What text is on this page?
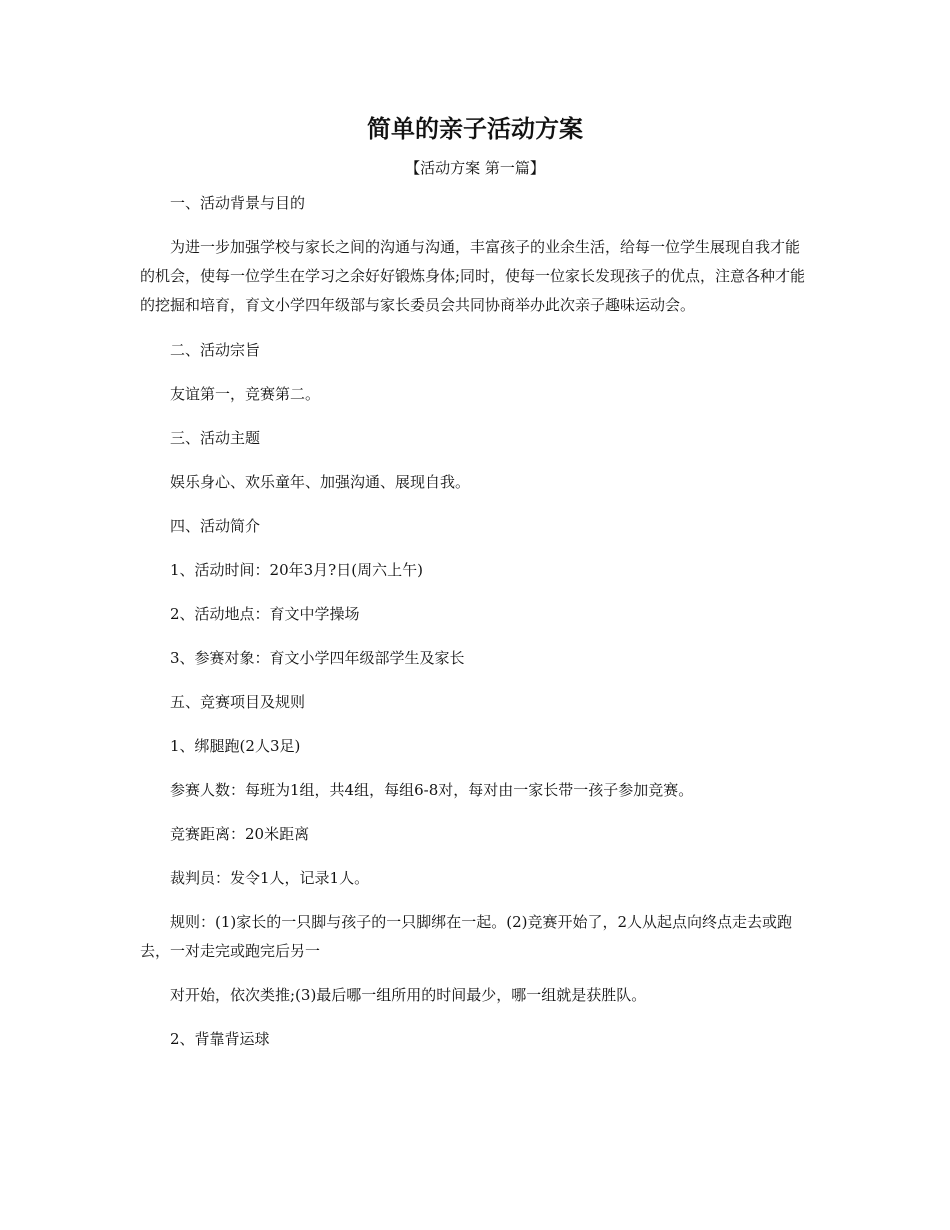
简单的亲子活动方案
【活动方案 第一篇】

一、活动背景与目的

为进一步加强学校与家长之间的沟通与沟通，丰富孩子的业余生活，给每一位学生展现自我才能的机会，使每一位学生在学习之余好好锻炼身体;同时，使每一位家长发现孩子的优点，注意各种才能的挖掘和培育，育文小学四年级部与家长委员会共同协商举办此次亲子趣味运动会。

二、活动宗旨

友谊第一，竞赛第二。

三、活动主题

娱乐身心、欢乐童年、加强沟通、展现自我。

四、活动简介

1、活动时间：20年3月?日(周六上午)

2、活动地点：育文中学操场

3、参赛对象：育文小学四年级部学生及家长

五、竞赛项目及规则

1、绑腿跑(2人3足)

参赛人数：每班为1组，共4组，每组6-8对，每对由一家长带一孩子参加竞赛。

竞赛距离：20米距离

裁判员：发令1人，记录1人。

规则：(1)家长的一只脚与孩子的一只脚绑在一起。(2)竞赛开始了，2人从起点向终点走去或跑去，一对走完或跑完后另一

对开始，依次类推;(3)最后哪一组所用的时间最少，哪一组就是获胜队。

2、背靠背运球
